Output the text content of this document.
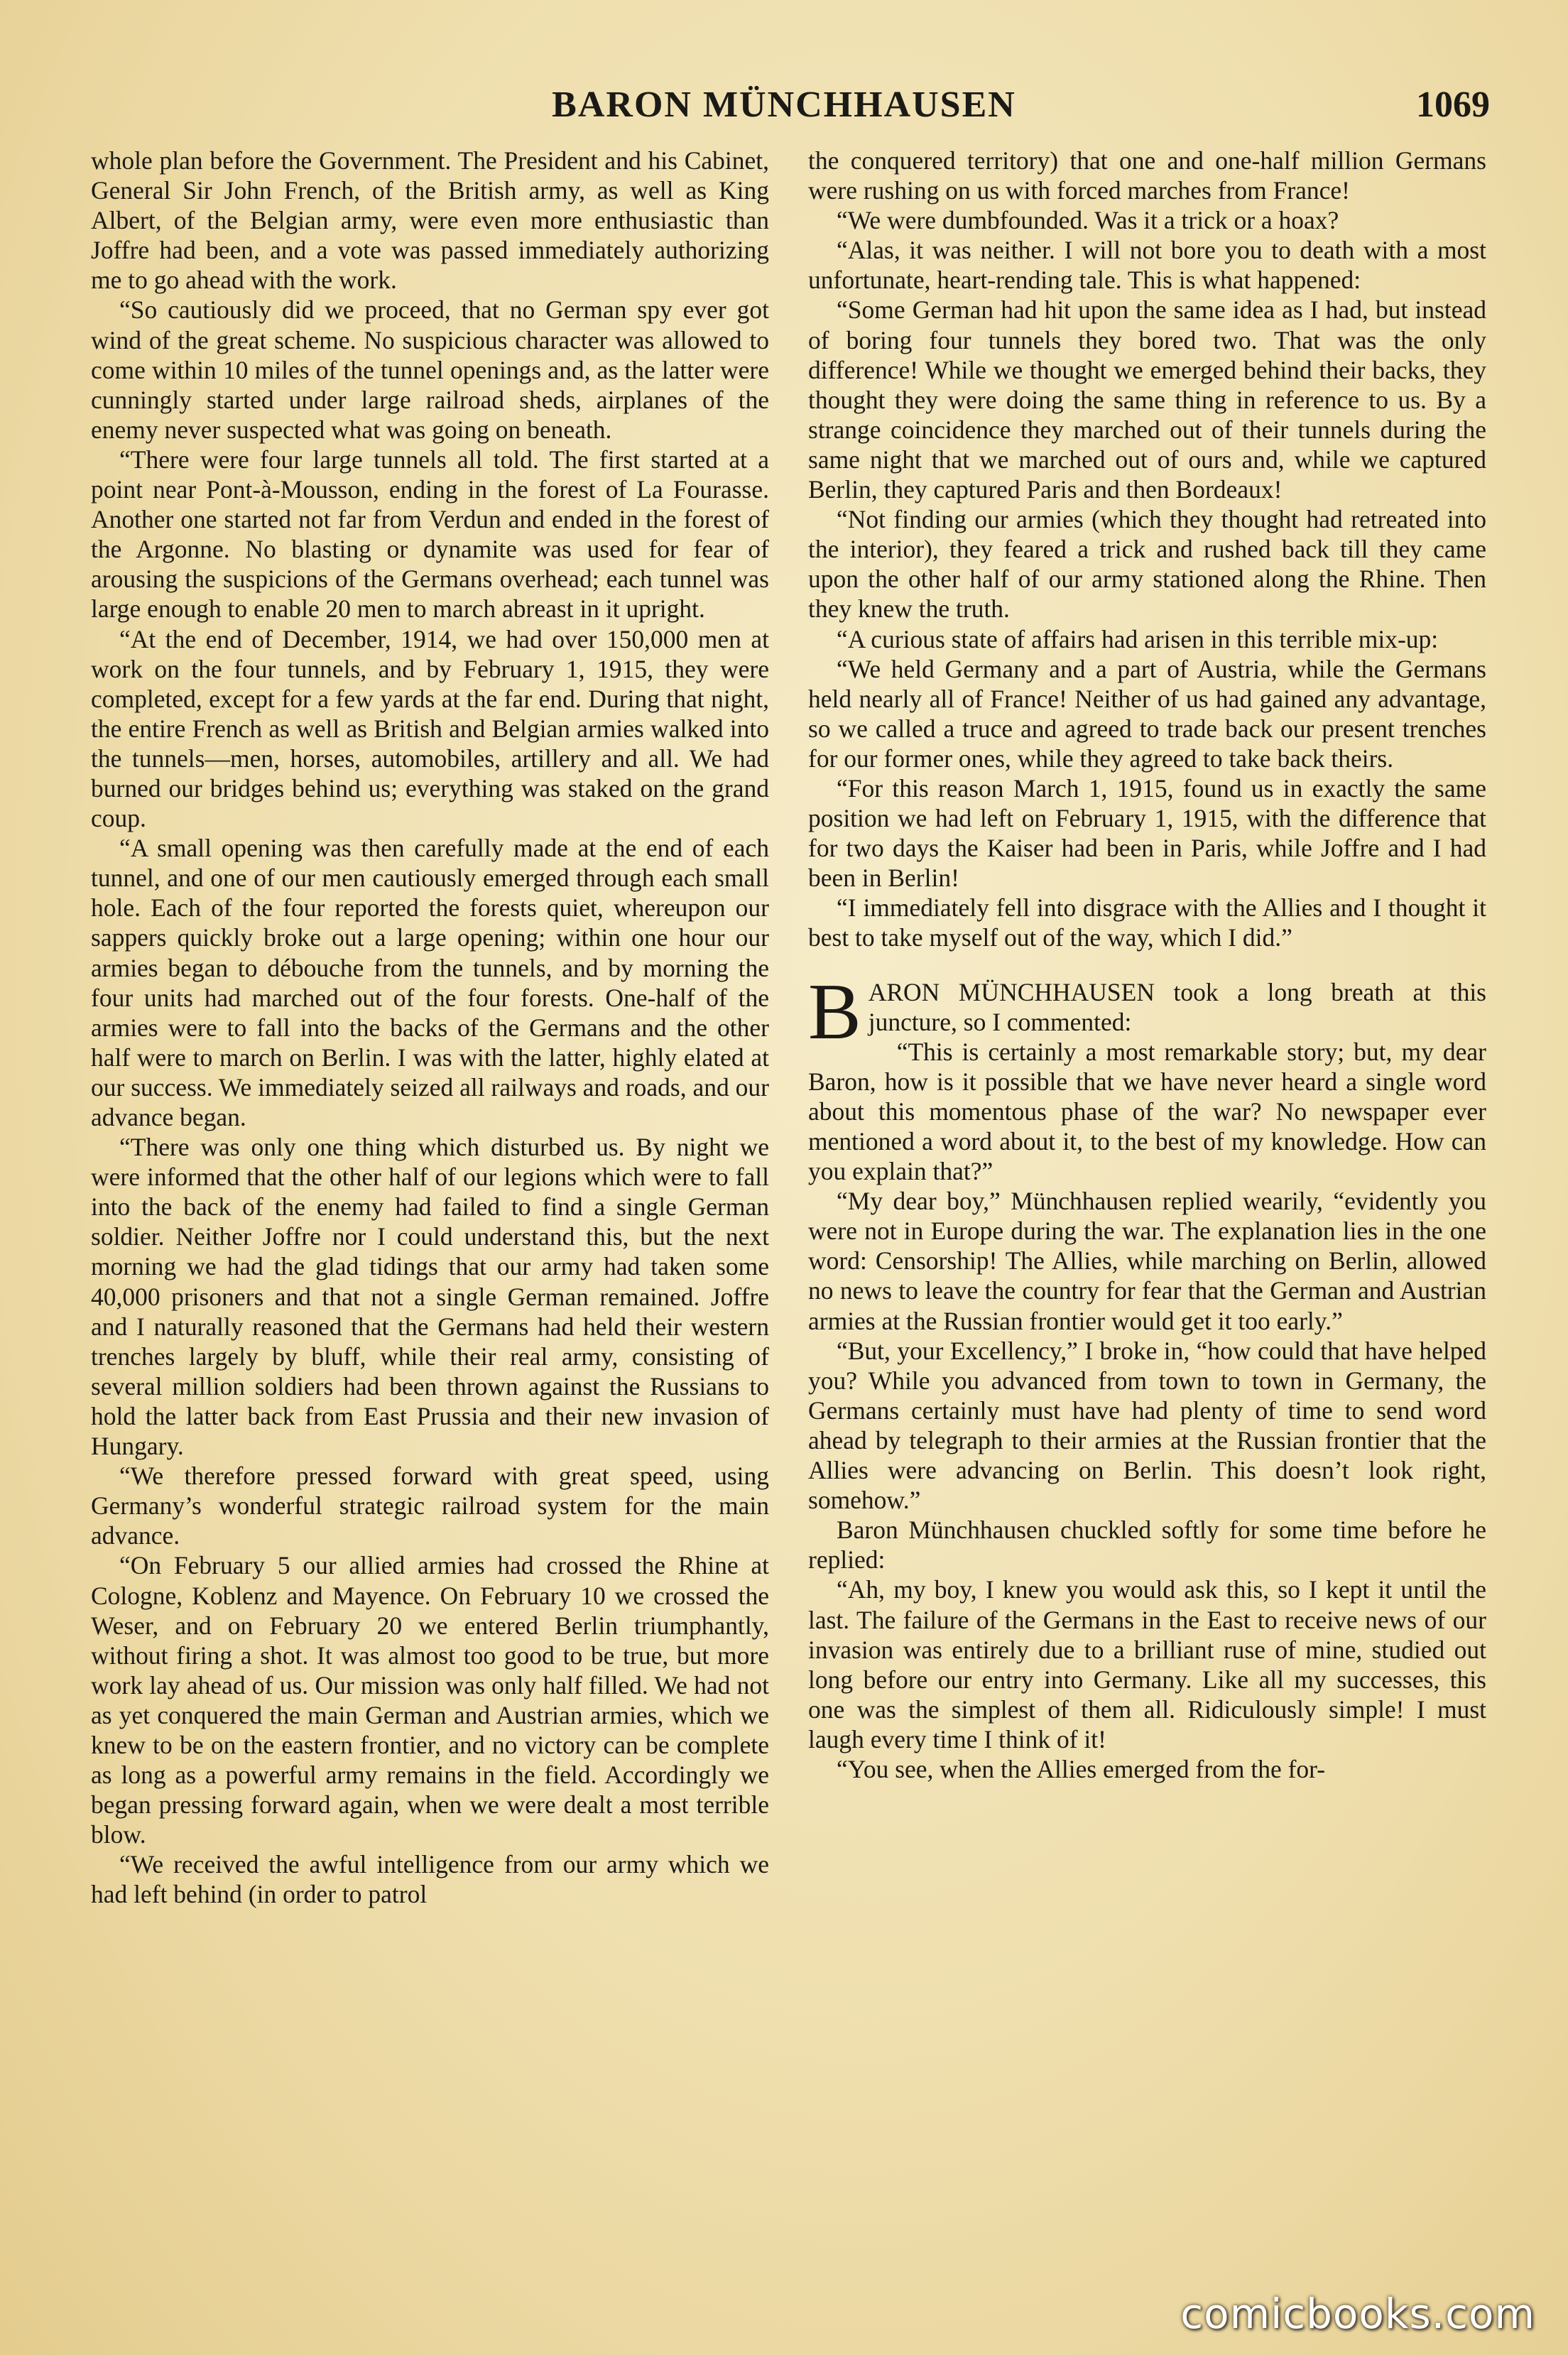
BARON MÜNCHHAUSEN	1069

whole plan before the Government. The President and his Cabinet, General Sir John French, of the British army, as well as King Albert, of the Belgian army, were even more enthusiastic than Joffre had been, and a vote was passed immediately authorizing me to go ahead with the work.

“So cautiously did we proceed, that no German spy ever got wind of the great scheme. No suspicious character was allowed to come within 10 miles of the tunnel openings and, as the latter were cunningly started under large railroad sheds, airplanes of the enemy never suspected what was going on beneath.

“There were four large tunnels all told. The first started at a point near Pont-à-Mousson, ending in the forest of La Fourasse. Another one started not far from Verdun and ended in the forest of the Argonne. No blasting or dynamite was used for fear of arousing the suspicions of the Germans overhead; each tunnel was large enough to enable 20 men to march abreast in it upright.

“At the end of December, 1914, we had over 150,000 men at work on the four tunnels, and by February 1, 1915, they were completed, except for a few yards at the far end. During that night, the entire French as well as British and Belgian armies walked into the tunnels—men, horses, automobiles, artillery and all. We had burned our bridges behind us; everything was staked on the grand coup.

“A small opening was then carefully made at the end of each tunnel, and one of our men cautiously emerged through each small hole. Each of the four reported the forests quiet, whereupon our sappers quickly broke out a large opening; within one hour our armies began to débouche from the tunnels, and by morning the four units had marched out of the four forests. One-half of the armies were to fall into the backs of the Germans and the other half were to march on Berlin. I was with the latter, highly elated at our success. We immediately seized all railways and roads, and our advance began.

“There was only one thing which disturbed us. By night we were informed that the other half of our legions which were to fall into the back of the enemy had failed to find a single German soldier. Neither Joffre nor I could understand this, but the next morning we had the glad tidings that our army had taken some 40,000 prisoners and that not a single German remained. Joffre and I naturally reasoned that the Germans had held their western trenches largely by bluff, while their real army, consisting of several million soldiers had been thrown against the Russians to hold the latter back from East Prussia and their new invasion of Hungary.

“We therefore pressed forward with great speed, using Germany’s wonderful strategic railroad system for the main advance.

“On February 5 our allied armies had crossed the Rhine at Cologne, Koblenz and Mayence. On February 10 we crossed the Weser, and on February 20 we entered Berlin triumphantly, without firing a shot. It was almost too good to be true, but more work lay ahead of us. Our mission was only half filled. We had not as yet conquered the main German and Austrian armies, which we knew to be on the eastern frontier, and no victory can be complete as long as a powerful army remains in the field. Accordingly we began pressing forward again, when we were dealt a most terrible blow.

“We received the awful intelligence from our army which we had left behind (in order to patrol

the conquered territory) that one and one-half million Germans were rushing on us with forced marches from France!

“We were dumbfounded. Was it a trick or a hoax?

“Alas, it was neither. I will not bore you to death with a most unfortunate, heart-rending tale. This is what happened:

“Some German had hit upon the same idea as I had, but instead of boring four tunnels they bored two. That was the only difference! While we thought we emerged behind their backs, they thought they were doing the same thing in reference to us. By a strange coincidence they marched out of their tunnels during the same night that we marched out of ours and, while we captured Berlin, they captured Paris and then Bordeaux!

“Not finding our armies (which they thought had retreated into the interior), they feared a trick and rushed back till they came upon the other half of our army stationed along the Rhine. Then they knew the truth.

“A curious state of affairs had arisen in this terrible mix-up:

“We held Germany and a part of Austria, while the Germans held nearly all of France! Neither of us had gained any advantage, so we called a truce and agreed to trade back our present trenches for our former ones, while they agreed to take back theirs.

“For this reason March 1, 1915, found us in exactly the same position we had left on February 1, 1915, with the difference that for two days the Kaiser had been in Paris, while Joffre and I had been in Berlin!

“I immediately fell into disgrace with the Allies and I thought it best to take myself out of the way, which I did.”

BARON MÜNCHHAUSEN took a long breath at this juncture, so I commented:

“This is certainly a most remarkable story; but, my dear Baron, how is it possible that we have never heard a single word about this momentous phase of the war? No newspaper ever mentioned a word about it, to the best of my knowledge. How can you explain that?”

“My dear boy,” Münchhausen replied wearily, “evidently you were not in Europe during the war. The explanation lies in the one word: Censorship! The Allies, while marching on Berlin, allowed no news to leave the country for fear that the German and Austrian armies at the Russian frontier would get it too early.”

“But, your Excellency,” I broke in, “how could that have helped you? While you advanced from town to town in Germany, the Germans certainly must have had plenty of time to send word ahead by telegraph to their armies at the Russian frontier that the Allies were advancing on Berlin. This doesn’t look right, somehow.”

Baron Münchhausen chuckled softly for some time before he replied:

“Ah, my boy, I knew you would ask this, so I kept it until the last. The failure of the Germans in the East to receive news of our invasion was entirely due to a brilliant ruse of mine, studied out long before our entry into Germany. Like all my successes, this one was the simplest of them all. Ridiculously simple! I must laugh every time I think of it!

“You see, when the Allies emerged from the for-

comicbooks.com
